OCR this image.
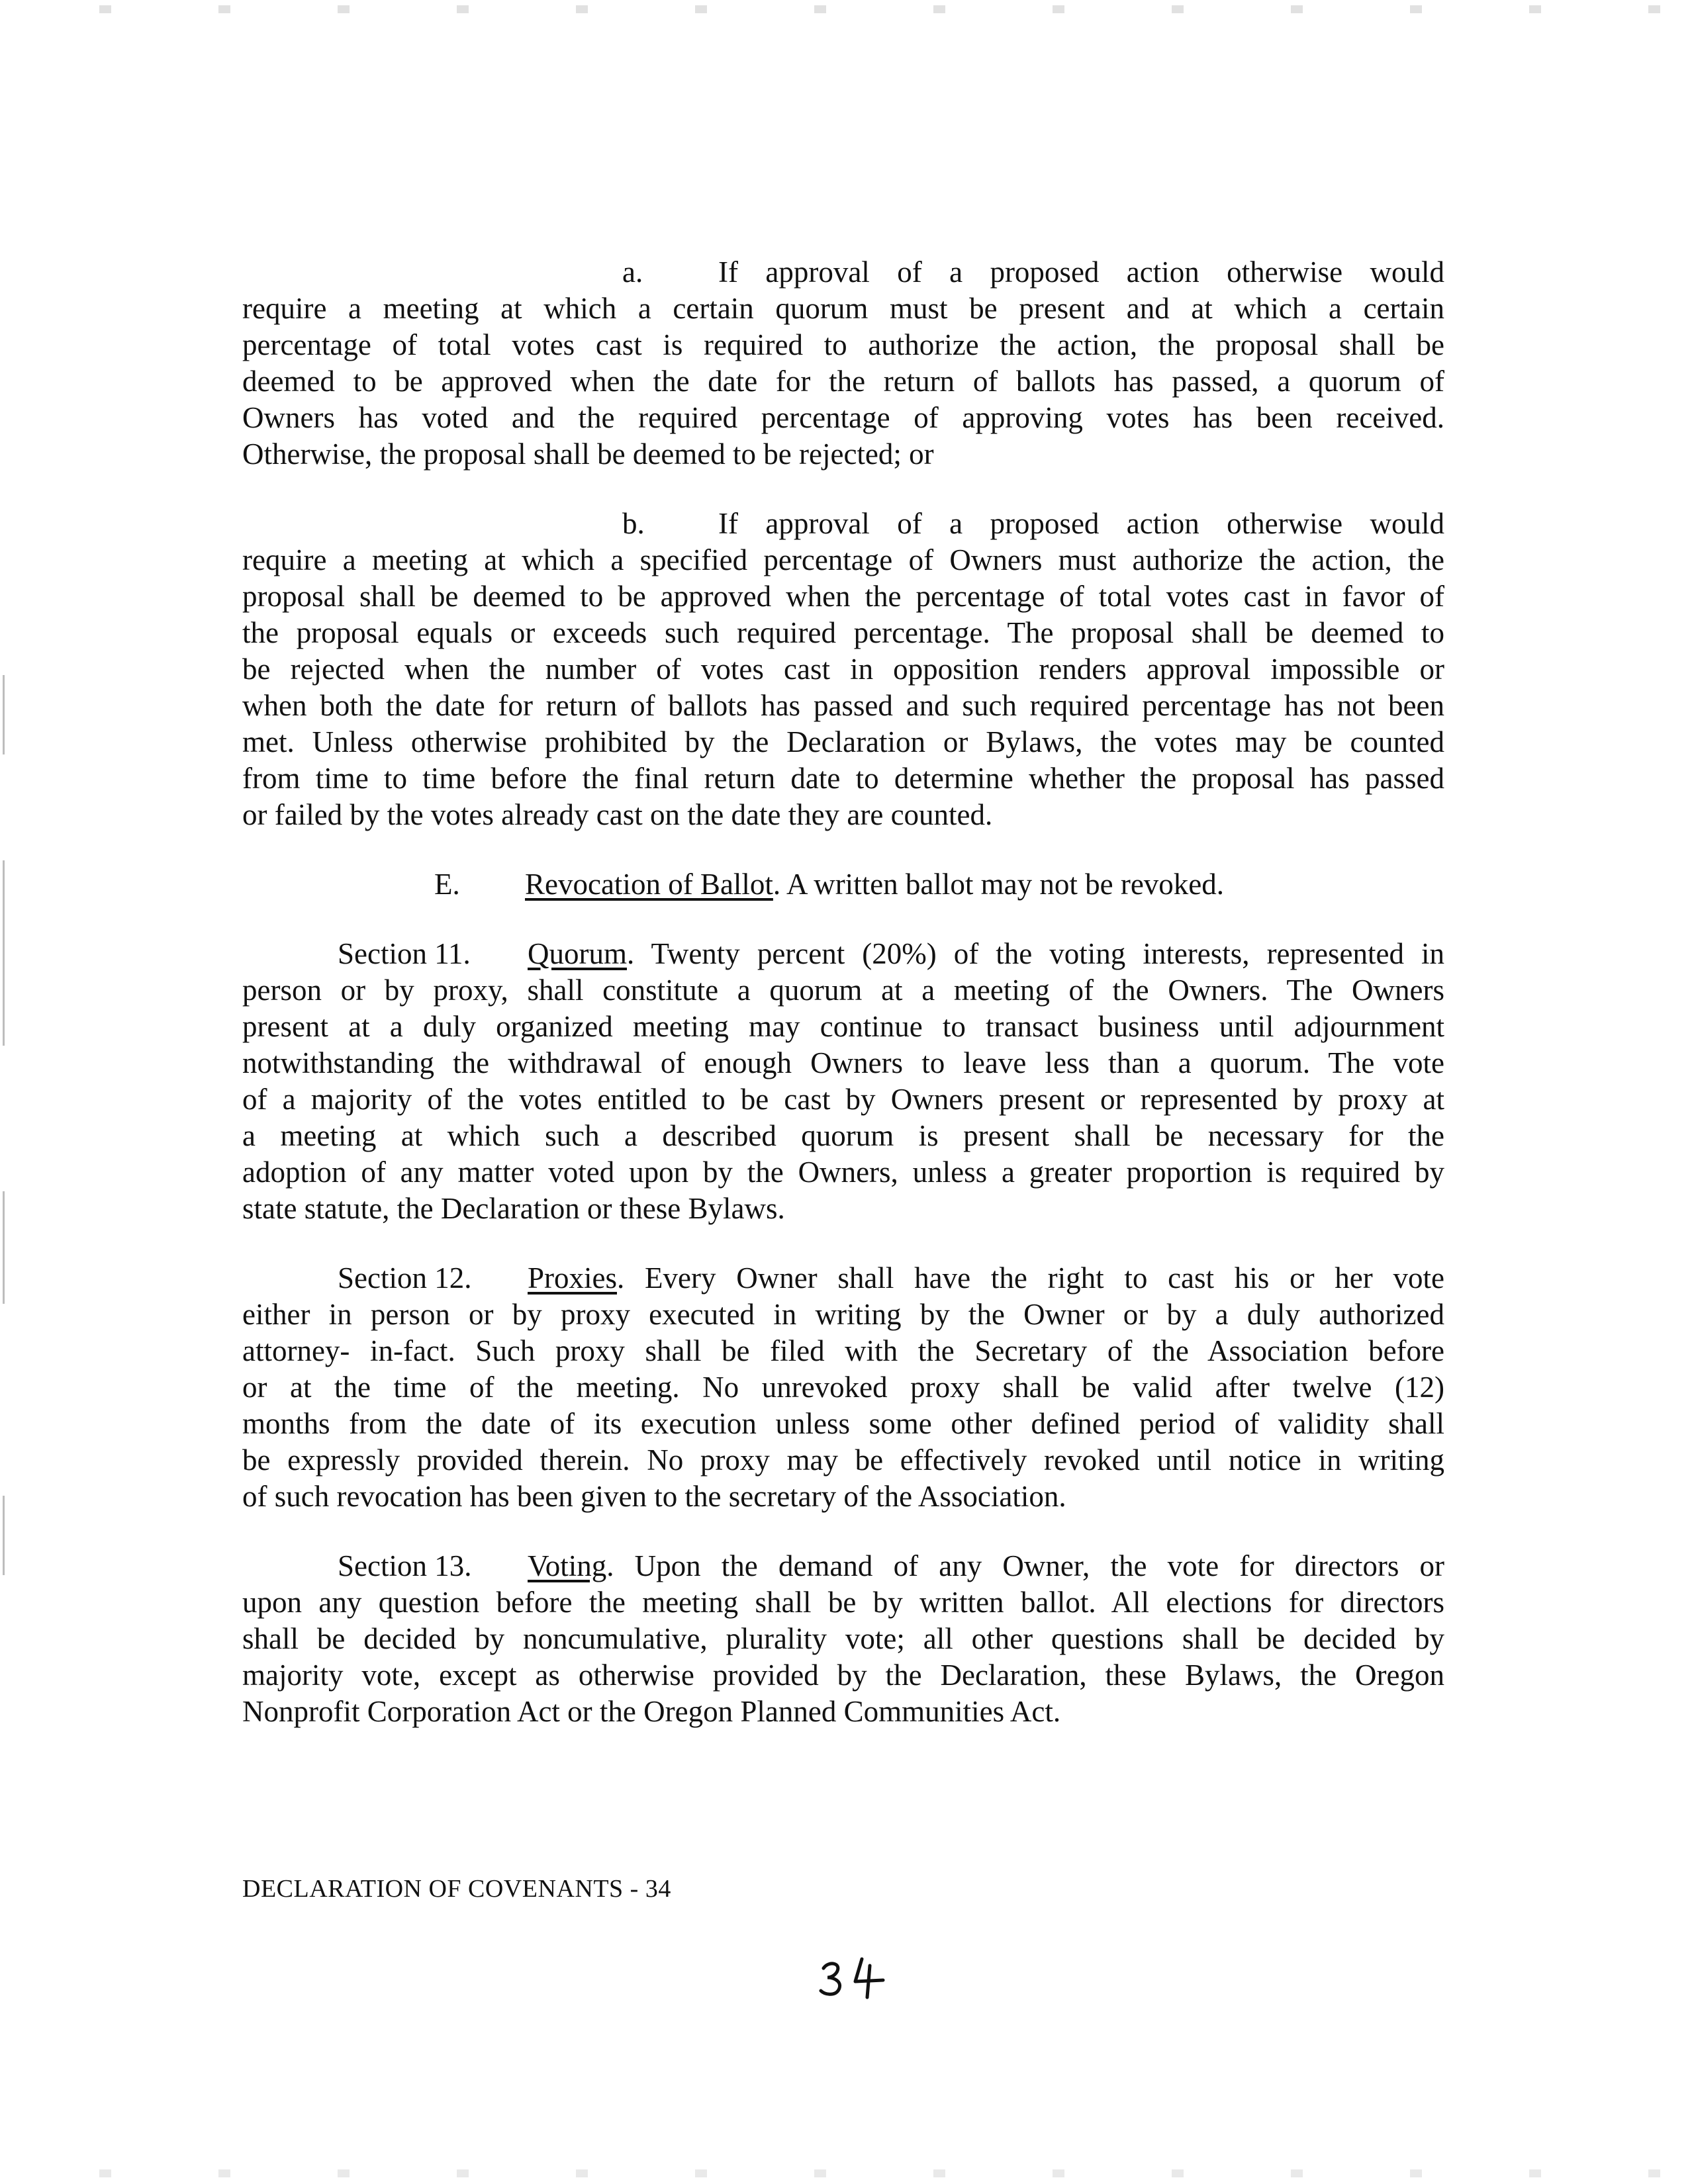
a.	If approval of a proposed action otherwise would
require a meeting at which a certain quorum must be present and at which a certain
percentage of total votes cast is required to authorize the action, the proposal shall be
deemed to be approved when the date for the return of ballots has passed, a quorum of
Owners has voted and the required percentage of approving votes has been received.
Otherwise, the proposal shall be deemed to be rejected; or
b.	If approval of a proposed action otherwise would
require a meeting at which a specified percentage of Owners must authorize the action, the
proposal shall be deemed to be approved when the percentage of total votes cast in favor of
the proposal equals or exceeds such required percentage. The proposal shall be deemed to
be rejected when the number of votes cast in opposition renders approval impossible or
when both the date for return of ballots has passed and such required percentage has not been
met. Unless otherwise prohibited by the Declaration or Bylaws, the votes may be counted
from time to time before the final return date to determine whether the proposal has passed
or failed by the votes already cast on the date they are counted.
E.	Revocation of Ballot . A written ballot may not be revoked.
Section 11.	Quorum . Twenty percent (20%) of the voting interests, represented in
person or by proxy, shall constitute a quorum at a meeting of the Owners. The Owners
present at a duly organized meeting may continue to transact business until adjournment
notwithstanding the withdrawal of enough Owners to leave less than a quorum. The vote
of a majority of the votes entitled to be cast by Owners present or represented by proxy at
a meeting at which such a described quorum is present shall be necessary for the
adoption of any matter voted upon by the Owners, unless a greater proportion is required by
state statute, the Declaration or these Bylaws.
Section 12.	Proxies . Every Owner shall have the right to cast his or her vote
either in person or by proxy executed in writing by the Owner or by a duly authorized
attorney- in-fact. Such proxy shall be filed with the Secretary of the Association before
or at the time of the meeting. No unrevoked proxy shall be valid after twelve (12)
months from the date of its execution unless some other defined period of validity shall
be expressly provided therein. No proxy may be effectively revoked until notice in writing
of such revocation has been given to the secretary of the Association.
Section 13.	Voting . Upon the demand of any Owner, the vote for directors or
upon any question before the meeting shall be by written ballot. All elections for directors
shall be decided by noncumulative, plurality vote; all other questions shall be decided by
majority vote, except as otherwise provided by the Declaration, these Bylaws, the Oregon
Nonprofit Corporation Act or the Oregon Planned Communities Act.
DECLARATION OF COVENANTS - 34
